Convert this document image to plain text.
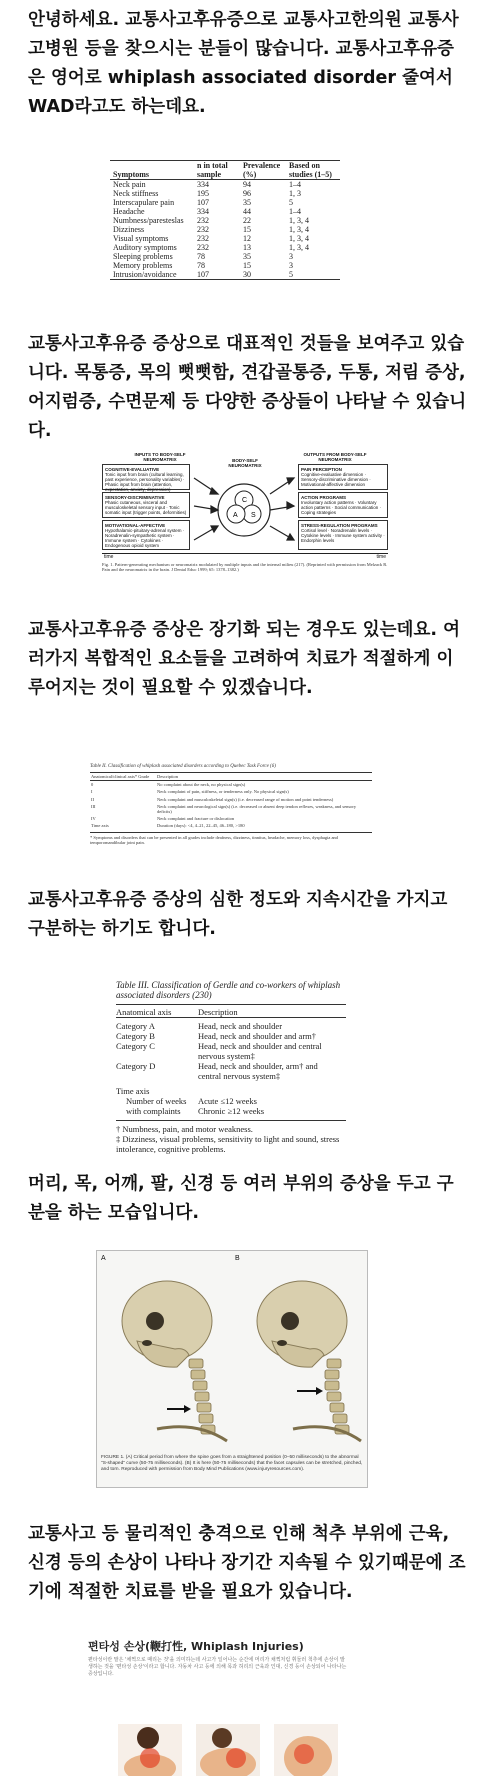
안녕하세요. 교통사고후유증으로 교통사고한의원 교통사고병원 등을 찾으시는 분들이 많습니다. 교통사고후유증은 영어로 whiplash associated disorder 줄여서 WAD라고도 하는데요.

Symptoms	n in total sample	Prevalence (%)	Based on studies (1–5)
Neck pain	334	94	1–4
Neck stiffness	195	96	1, 3
Interscapulare pain	107	35	5
Headache	334	44	1–4
Numbness/paresteslas	232	22	1, 3, 4
Dizziness	232	15	1, 3, 4
Visual symptoms	232	12	1, 3, 4
Auditory symptoms	232	13	1, 3, 4
Sleeping problems	78	35	3
Memory problems	78	15	3
Intrusion/avoidance	107	30	5

교통사고후유증 증상으로 대표적인 것들을 보여주고 있습니다. 목통증, 목의 뻣뻣함, 견갑골통증, 두통, 저림 증상, 어지럼증, 수면문제 등 다양한 증상들이 나타날 수 있습니다.

INPUTS TO BODY-SELF NEUROMATRIX	BODY-SELF NEUROMATRIX
OUTPUTS FROM BODY-SELF NEUROMATRIX
COGNITIVE-EVALUATIVE
Tonic input from brain (cultural learning, past experience, personality variables) · Phasic input from brain (attention, expectation, anxiety, depression)
SENSORY-DISCRIMINATIVE
Phasic cutaneous, visceral and musculoskeletal sensory input · Tonic somatic input (trigger points, deformities)
MOTIVATIONAL-AFFECTIVE
Hypothalamic-pituitary-adrenal system · Noradrenalin-sympathetic system · Immune system · Cytokines · Endogenous opioid system
PAIN PERCEPTION
Cognitive-evaluative dimension · Sensory-discriminative dimension · Motivational-affective dimension
ACTION PROGRAMS
Involuntary action patterns · Voluntary action patterns · Social communication · Coping strategies
STRESS-REGULATION PROGRAMS
Cortisol level · Noradrenalin levels · Cytokine levels · Immune system activity · Endorphin levels
C
S
A
time	time
Fig. 1. Pattern-generating mechanism or neuromatrix modulated by multiple inputs and the internal milieu (217). (Reprinted with permission from Melzack R. Pain and the neuromatrix in the brain. J Dental Educ 1999; 65: 1378–1382.)

교통사고후유증 증상은 장기화 되는 경우도 있는데요. 여러가지 복합적인 요소들을 고려하여 치료가 적절하게 이루어지는 것이 필요할 수 있겠습니다.

Table II. Classification of whiplash associated disorders according to Quebec Task Force (6)
Anatomical/clinical axis* Grade	Description
0	No complaint about the neck, no physical sign(s)
I	Neck complaint of pain, stiffness, or tenderness only. No physical sign(s)
II	Neck complaint and musculoskeletal sign(s) (i.e. decreased range of motion and point tenderness)
III	Neck complaint and neurological sign(s) (i.e. decreased or absent deep tendon reflexes, weakness, and sensory deficits)
IV	Neck complaint and fracture or dislocation
Time axis	Duration (days): <4, 4–21, 22–45, 46–180, >180
* Symptoms and disorders that can be presented in all grades include deafness, dizziness, tinnitus, headache, memory loss, dysphagia and temporomandibular joint pain.

교통사고후유증 증상의 심한 정도와 지속시간을 가지고 구분하는 하기도 합니다.

Table III. Classification of Gerdle and co-workers of whiplash associated disorders (230)
Anatomical axis	Description

Category A	Head, neck and shoulder
Category B	Head, neck and shoulder and arm†
Category C	Head, neck and shoulder and central nervous system‡
Category D	Head, neck and shoulder, arm† and central nervous system‡

Time axis	
Number of weeks with complaints	Acute ≤12 weeks
Chronic ≥12 weeks
† Numbness, pain, and motor weakness.
‡ Dizziness, visual problems, sensitivity to light and sound, stress intolerance, cognitive problems.

머리, 목, 어깨, 팔, 신경 등 여러 부위의 증상을 두고 구분을 하는 모습입니다.

A	B
FIGURE 1. (A) Critical period from where the spine goes from a straightened position (0–50 milliseconds) to the abnormal "S-shaped" curve (50-75 milliseconds). (B) It is here (50-75 milliseconds) that the facet capsules can be stretched, pinched, and torn. Reproduced with permission from Body Mind Publications (www.injuryresources.com).

교통사고 등 물리적인 충격으로 인해 척추 부위에 근육, 신경 등의 손상이 나타나 장기간 지속될 수 있기때문에 조기에 적절한 치료를 받을 필요가 있습니다.

편타성 손상(鞭打性, Whiplash Injuries)
편타성이란 말은 '채찍으로 때리는 것'을 의미하는데 사고가 일어나는 순간에 머리가 채찍처럼 휘둘러 척추에 손상이 발생하는 것을 '편타성 손상'이라고 합니다. 자동차 사고 등에 의해 목과 허리의 근육과 인대, 신경 등이 손상되어 나타나는 증상입니다.
